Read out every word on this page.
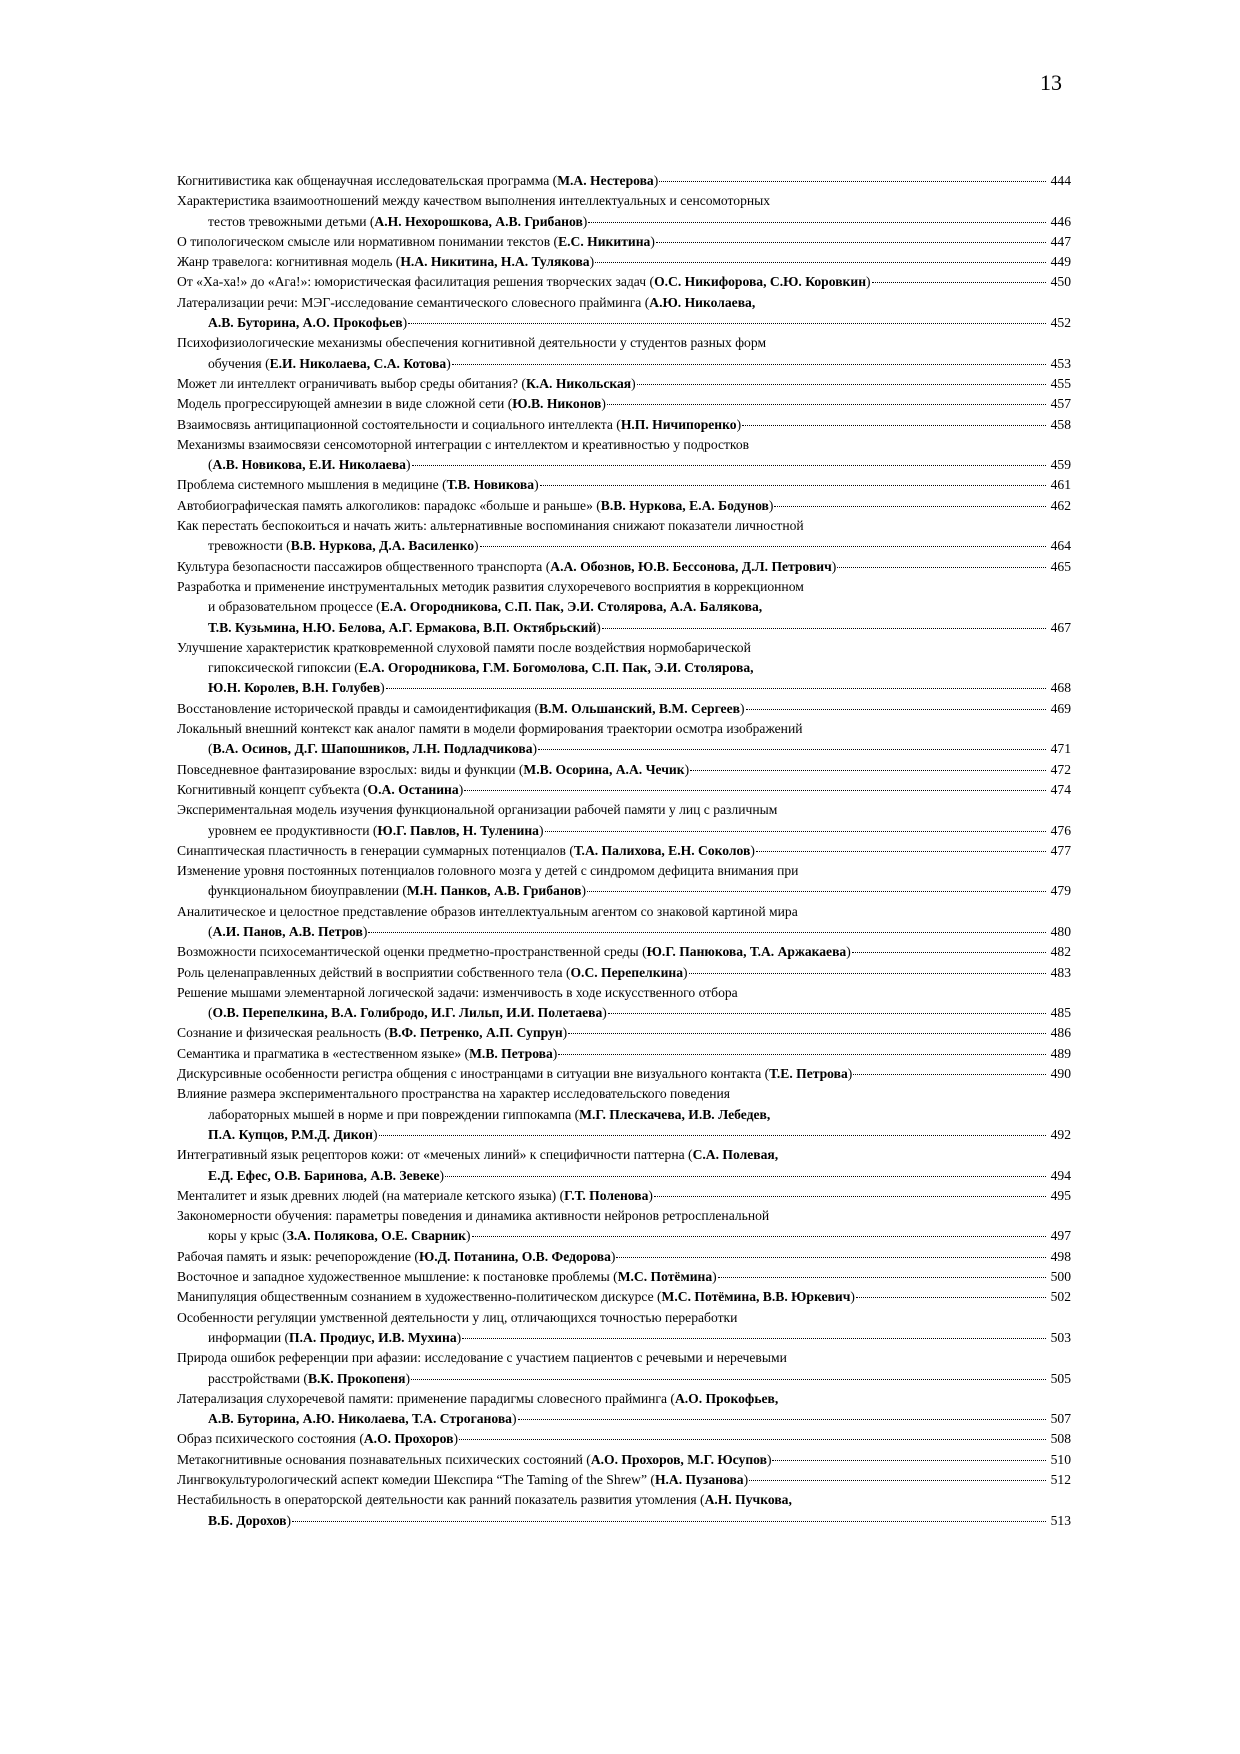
13
Когнитивистика как общенаучная исследовательская программа ( М.А. Нестерова )	444
Характеристика взаимоотношений между качеством выполнения интеллектуальных и сенсомоторных
тестов тревожными детьми ( А.Н. Нехорошкова, А.В. Грибанов )	446
О типологическом смысле или нормативном понимании текстов ( Е.С. Никитина )	447
Жанр травелога: когнитивная модель ( Н.А. Никитина, Н.А. Тулякова )	449
От «Ха-ха!» до «Ага!»: юмористическая фасилитация решения творческих задач ( О.С. Никифорова, С.Ю. Коровкин )	450
Латерализации речи: МЭГ-исследование семантического словесного прайминга ( А.Ю. Николаева,
А.В. Буторина, А.О. Прокофьев )	452
Психофизиологические механизмы обеспечения когнитивной деятельности у студентов разных форм
обучения ( Е.И. Николаева, С.А. Котова )	453
Может ли интеллект ограничивать выбор среды обитания? ( К.А. Никольская )	455
Модель прогрессирующей амнезии в виде сложной сети ( Ю.В. Никонов )	457
Взаимосвязь антиципационной состоятельности и социального интеллекта ( Н.П. Ничипоренко )	458
Механизмы взаимосвязи сенсомоторной интеграции с интеллектом и креативностью у подростков
( А.В. Новикова, Е.И. Николаева )	459
Проблема системного мышления в медицине ( Т.В. Новикова )	461
Автобиографическая память алкоголиков: парадокс «больше и раньше» ( В.В. Нуркова, Е.А. Бодунов )	462
Как перестать беспокоиться и начать жить: альтернативные воспоминания снижают показатели личностной
тревожности ( В.В. Нуркова, Д.А. Василенко )	464
Культура безопасности пассажиров общественного транспорта ( А.А. Обознов, Ю.В. Бессонова, Д.Л. Петрович )	465
Разработка и применение инструментальных методик развития слухоречевого восприятия в коррекционном
и образовательном процессе ( Е.А. Огородникова, С.П. Пак, Э.И. Столярова, А.А. Балякова,
Т.В. Кузьмина, Н.Ю. Белова, А.Г. Ермакова, В.П. Октябрьский )	467
Улучшение характеристик кратковременной слуховой памяти после воздействия нормобарической
гипоксической гипоксии ( Е.А. Огородникова, Г.М. Богомолова, С.П. Пак, Э.И. Столярова,
Ю.Н. Королев, В.Н. Голубев )	468
Восстановление исторической правды и самоидентификация ( В.М. Ольшанский, В.М. Сергеев )	469
Локальный внешний контекст как аналог памяти в модели формирования траектории осмотра изображений
( В.А. Осинов, Д.Г. Шапошников, Л.Н. Подладчикова )	471
Повседневное фантазирование взрослых: виды и функции ( М.В. Осорина, А.А. Чечик )	472
Когнитивный концепт субъекта ( О.А. Останина )	474
Экспериментальная модель изучения функциональной организации рабочей памяти у лиц с различным
уровнем ее продуктивности ( Ю.Г. Павлов, Н. Туленина )	476
Синаптическая пластичность в генерации суммарных потенциалов ( Т.А. Палихова, Е.Н. Соколов )	477
Изменение уровня постоянных потенциалов головного мозга у детей с синдромом дефицита внимания при
функциональном биоуправлении ( М.Н. Панков, А.В. Грибанов )	479
Аналитическое и целостное представление образов интеллектуальным агентом со знаковой картиной мира
( А.И. Панов, А.В. Петров )	480
Возможности психосемантической оценки предметно-пространственной среды ( Ю.Г. Панюкова, Т.А. Аржакаева )	482
Роль целенаправленных действий в восприятии собственного тела ( О.С. Перепелкина )	483
Решение мышами элементарной логической задачи: изменчивость в ходе искусственного отбора
( О.В. Перепелкина, В.А. Голибродо, И.Г. Лильп, И.И. Полетаева )	485
Сознание и физическая реальность ( В.Ф. Петренко, А.П. Супрун )	486
Семантика и прагматика в «естественном языке» ( М.В. Петрова )	489
Дискурсивные особенности регистра общения с иностранцами в ситуации вне визуального контакта ( Т.Е. Петрова )	490
Влияние размера экспериментального пространства на характер исследовательского поведения
лабораторных мышей в норме и при повреждении гиппокампа ( М.Г. Плескачева, И.В. Лебедев,
П.А. Купцов, Р.М.Д. Дикон )	492
Интегративный язык рецепторов кожи: от «меченых линий» к специфичности паттерна ( С.А. Полевая,
Е.Д. Ефес, О.В. Баринова, А.В. Зевеке )	494
Менталитет и язык древних людей (на материале кетского языка) ( Г.Т. Поленова )	495
Закономерности обучения: параметры поведения и динамика активности нейронов ретроспленальной
коры у крыс ( З.А. Полякова, О.Е. Сварник )	497
Рабочая память и язык: речепорождение ( Ю.Д. Потанина, О.В. Федорова )	498
Восточное и западное художественное мышление: к постановке проблемы ( М.С. Потёмина )	500
Манипуляция общественным сознанием в художественно-политическом дискурсе ( М.С. Потёмина, В.В. Юркевич )	502
Особенности регуляции умственной деятельности у лиц, отличающихся точностью переработки
информации ( П.А. Продиус, И.В. Мухина )	503
Природа ошибок референции при афазии: исследование с участием пациентов с речевыми и неречевыми
расстройствами ( В.К. Прокопеня )	505
Латерализация слухоречевой памяти: применение парадигмы словесного прайминга ( А.О. Прокофьев,
А.В. Буторина, А.Ю. Николаева, Т.А. Строганова )	507
Образ психического состояния ( А.О. Прохоров )	508
Метакогнитивные основания познавательных психических состояний ( А.О. Прохоров, М.Г. Юсупов )	510
Лингвокультурологический аспект комедии Шекспира “The Taming of the Shrew” ( Н.А. Пузанова )	512
Нестабильность в операторской деятельности как ранний показатель развития утомления ( А.Н. Пучкова,
В.Б. Дорохов )	513
